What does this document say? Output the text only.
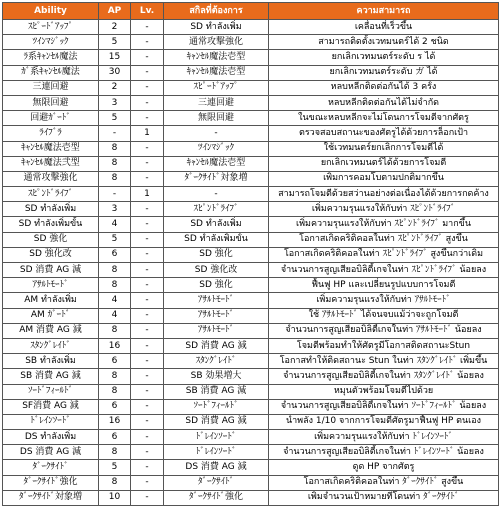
Ability	AP	Lv.	สกิลที่ต้องการ	ความสามารถ
ｽﾋﾟｰﾄﾞｱｯﾌﾟ	2	-	SD ทำลังเพิ่ม	เคลื่อนที่เร็วขึ้น
ﾂｲﾝﾏｼﾞｯｸ	5	-	通常攻撃強化	สามารถติดตั้งเวทมนตร์ได้ 2 ชนิด
ﾗ系ｷｬﾝｾﾙ魔法	15	-	ｷｬﾝｾﾙ魔法壱型	ยกเลิกเวทมนตร์ระดับ ร ได้
ｶﾞ系ｷｬﾝｾﾙ魔法	30	-	ｷｬﾝｾﾙ魔法壱型	ยกเลิกเวทมนตร์ระดับ ガ ได้
三連回避	2	-	ｽﾋﾟｰﾄﾞｱｯﾌﾟ	หลบหลีกติดต่อกันได้ 3 ครั้ง
無限回避	3	-	三連回避	หลบหลีกติดต่อกันได้ไม่จำกัด
回避ｶﾞｰﾄﾞ	5	-	無限回避	ในขณะหลบหลีกจะไม่โดนการโจมตีจากศัตรู
ﾗｲﾌﾞﾗ	-	1	-	ตรวจสอบสถานะของศัตรูได้ด้วยการล็อกเป้า
ｷｬﾝｾﾙ魔法壱型	8	-	ﾂｲﾝﾏｼﾞｯｸ	ใช้เวทมนตร์ยกเลิกการโจมตีได้
ｷｬﾝｾﾙ魔法弐型	8	-	ｷｬﾝｾﾙ魔法壱型	ยกเลิกเวทมนตร์ได้ด้วยการโจมตี
通常攻撃強化	8	-	ﾀﾞｰｸｻｲﾄﾞ対象増	เพิ่มการคอมโบตามปกติมากขึ้น
ｽﾋﾟﾝﾄﾞﾗｲﾌﾞ	-	1	-	สามารถโจมตีด้วยสว่านอย่างต่อเนื่องได้ด้วยการกดค้าง
SD ทำลังเพิ่ม	3	-	ｽﾋﾟﾝﾄﾞﾗｲﾌﾞ	เพิ่มความรุนแรงให้กับท่า ｽﾋﾟﾝﾄﾞﾗｲﾌﾞ
SD ทำลังเพิ่มขั้น	4	-	SD ทำลังเพิ่ม	เพิ่มความรุนแรงให้กับท่า ｽﾋﾟﾝﾄﾞﾗｲﾌﾞ มากขึ้น
SD 強化	5	-	SD ทำลังเพิ่มขั้น	โอกาสเกิดคริติคอลในท่า ｽﾋﾟﾝﾄﾞﾗｲﾌﾞ สูงขึ้น
SD 強化改	6	-	SD 強化	โอกาสเกิดคริติคอลในท่า ｽﾋﾟﾝﾄﾞﾗｲﾌﾞ สูงขึ้นกว่าเดิม
SD 消費 AG 減	8	-	SD 強化改	จำนวนการสูญเสียอบิลิตี้เกจในท่า ｽﾋﾟﾝﾄﾞﾗｲﾌﾞ น้อยลง
ｱｻﾙﾄﾓｰﾄﾞ	8	-	SD 強化	ฟื้นฟู HP และเปลี่ยนรูปแบบการโจมตี
AM ทำลังเพิ่ม	4	-	ｱｻﾙﾄﾓｰﾄﾞ	เพิ่มความรุนแรงให้กับท่า ｱｻﾙﾄﾓｰﾄﾞ
AM ｶﾞｰﾄﾞ	4	-	ｱｻﾙﾄﾓｰﾄﾞ	ใช้ ｱｻﾙﾄﾓｰﾄﾞ ได้จนจบแม้ว่าจะถูกโจมตี
AM 消費 AG 減	8	-	ｱｻﾙﾄﾓｰﾄﾞ	จำนวนการสูญเสียอบิลิตี้เกจในท่า ｱｻﾙﾄﾓｰﾄﾞ น้อยลง
ｽﾀﾝｸﾞﾚｲﾄﾞ	16	-	SD 消費 AG 減	โจมตีพร้อมทำให้ศัตรูมีโอกาสติดสถานะStun
SB ทำลังเพิ่ม	6	-	ｽﾀﾝｸﾞﾚｲﾄﾞ	โอกาสทำให้ติดสถานะ Stun ในท่า ｽﾀﾝｸﾞﾚｲﾄﾞ เพิ่มขึ้น
SB 消費 AG 減	8	-	SB 効果増大	จำนวนการสูญเสียอบิลิตี้เกจในท่า ｽﾀﾝｸﾞﾚｲﾄﾞ น้อยลง
ｿｰﾄﾞﾌｨｰﾙﾄﾞ	8	-	SB 消費 AG 減	หมุนตัวพร้อมโจมตีไปด้วย
SF消費 AG 減	6	-	ｿｰﾄﾞﾌｨｰﾙﾄﾞ	จำนวนการสูญเสียอบิลิตี้เกจในท่า ｿｰﾄﾞﾌｨｰﾙﾄﾞ น้อยลง
ﾄﾞﾚｲﾝｿｰﾄﾞ	16	-	SD 消費 AG 減	นำพลัง 1/10 จากการโจมตีศัตรูมาฟื้นฟู HP ตนเอง
DS ทำลังเพิ่ม	6	-	ﾄﾞﾚｲﾝｿｰﾄﾞ	เพิ่มความรุนแรงให้กับท่า ﾄﾞﾚｲﾝｿｰﾄﾞ
DS 消費 AG 減	8	-	ﾄﾞﾚｲﾝｿｰﾄﾞ	จำนวนการสูญเสียอบิลิตี้เกจในท่า ﾄﾞﾚｲﾝｿｰﾄﾞ น้อยลง
ﾀﾞｰｸｻｲﾄﾞ	5	-	DS 消費 AG 減	ดูด HP จากศัตรู
ﾀﾞｰｸｻｲﾄﾞ強化	8	-	ﾀﾞｰｸｻｲﾄﾞ	โอกาสเกิดคริติคอลในท่า ﾀﾞｰｸｻｲﾄﾞ สูงขึ้น
ﾀﾞｰｸｻｲﾄﾞ対象増	10	-	ﾀﾞｰｸｻｲﾄﾞ強化	เพิ่มจำนวนเป้าหมายที่โดนท่า ﾀﾞｰｸｻｲﾄﾞ
